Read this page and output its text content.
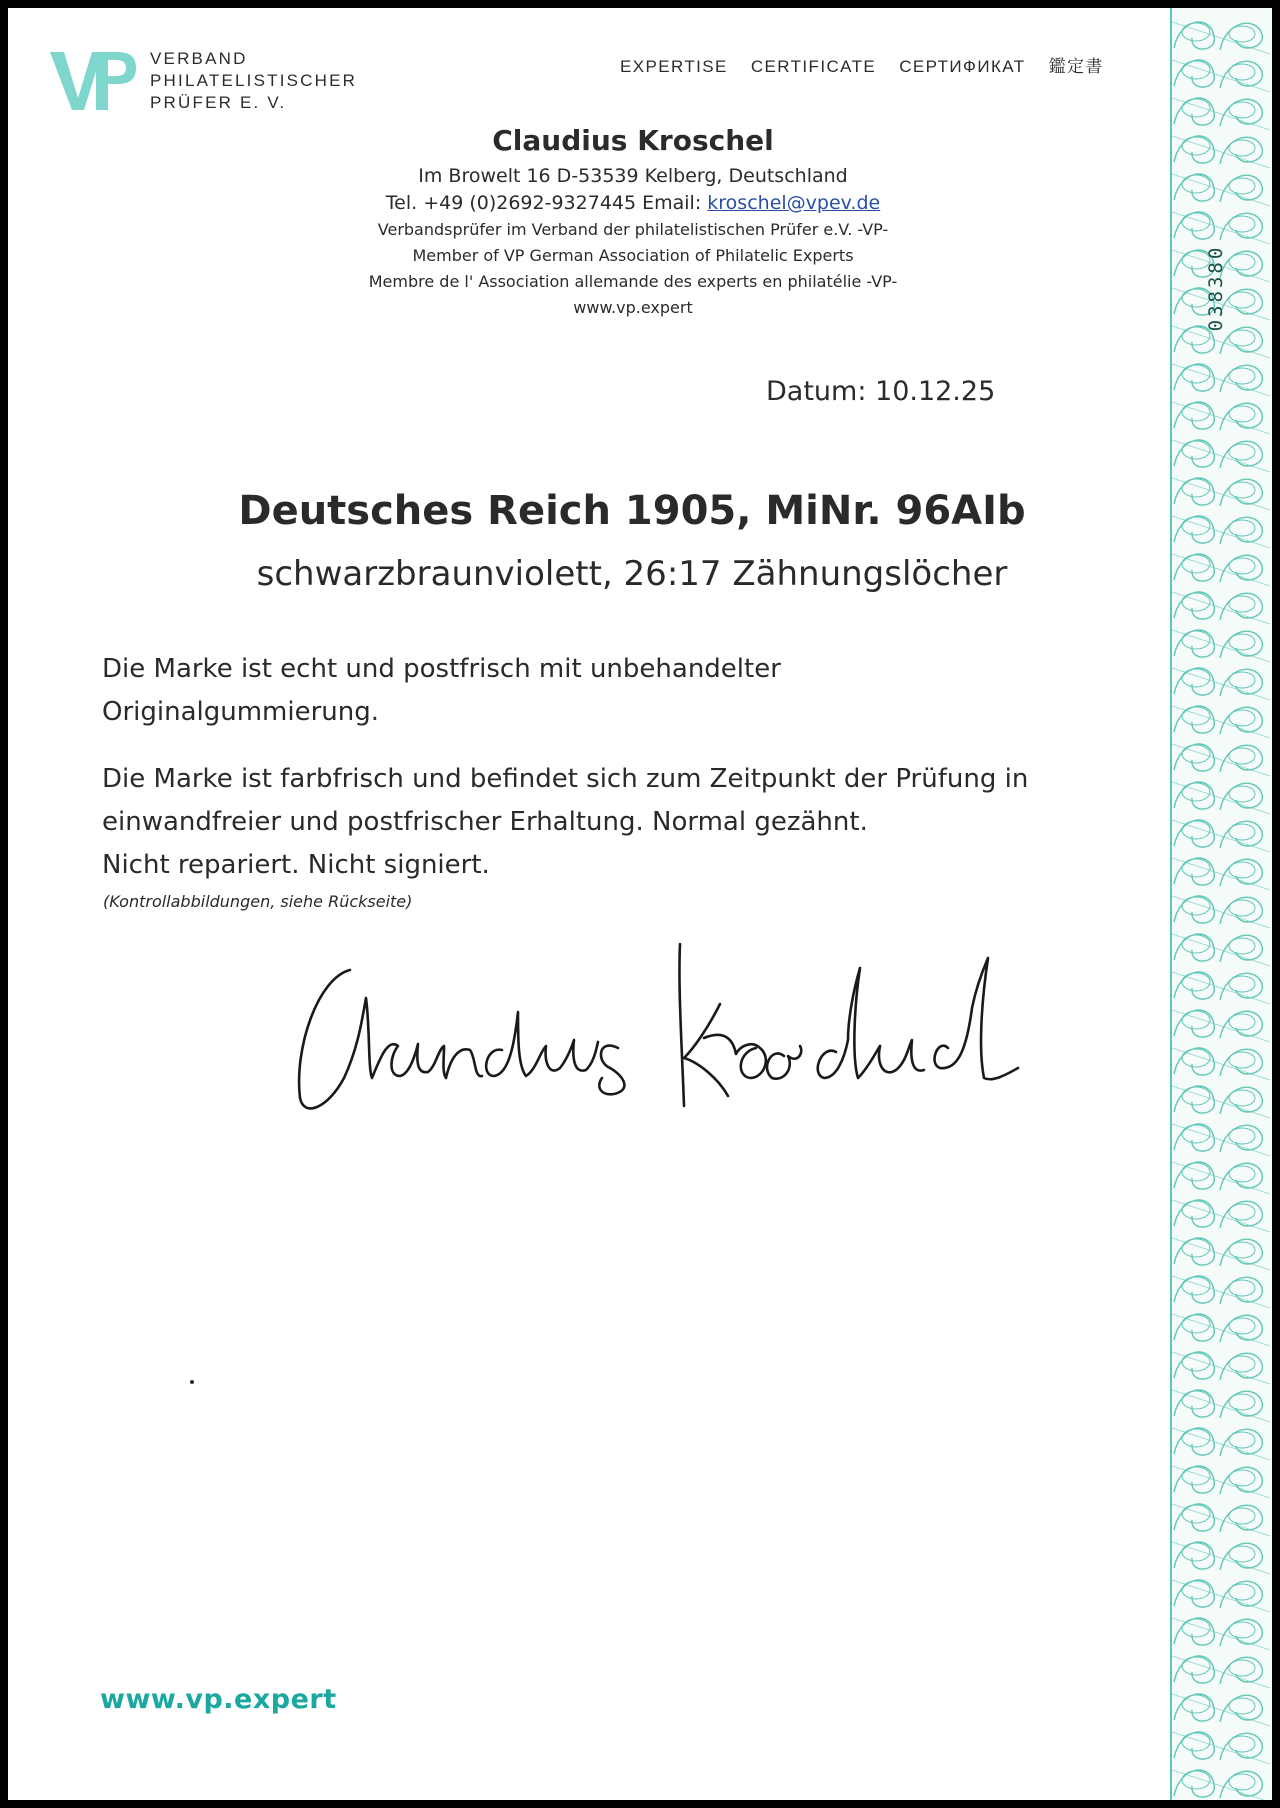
VERBAND
PHILATELISTISCHER
PRÜFER E. V.
EXPERTISE CERTIFICATE СЕРТИФИКАТ 鑑定書
Claudius Kroschel
Im Browelt 16 D-53539 Kelberg, Deutschland
Tel. +49 (0)2692-9327445 Email: kroschel@vpev.de
Verbandsprüfer im Verband der philatelistischen Prüfer e.V. -VP-
Member of VP German Association of Philatelic Experts
Membre de l' Association allemande des experts en philatélie -VP-
www.vp.expert
Datum: 10.12.25
Deutsches Reich 1905, MiNr. 96AIb
schwarzbraunviolett, 26:17 Zähnungslöcher
Die Marke ist echt und postfrisch mit unbehandelter
Originalgummierung.
Die Marke ist farbfrisch und befindet sich zum Zeitpunkt der Prüfung in
einwandfreier und postfrischer Erhaltung. Normal gezähnt.
Nicht repariert. Nicht signiert.
(Kontrollabbildungen, siehe Rückseite)
www.vp.expert
038380
